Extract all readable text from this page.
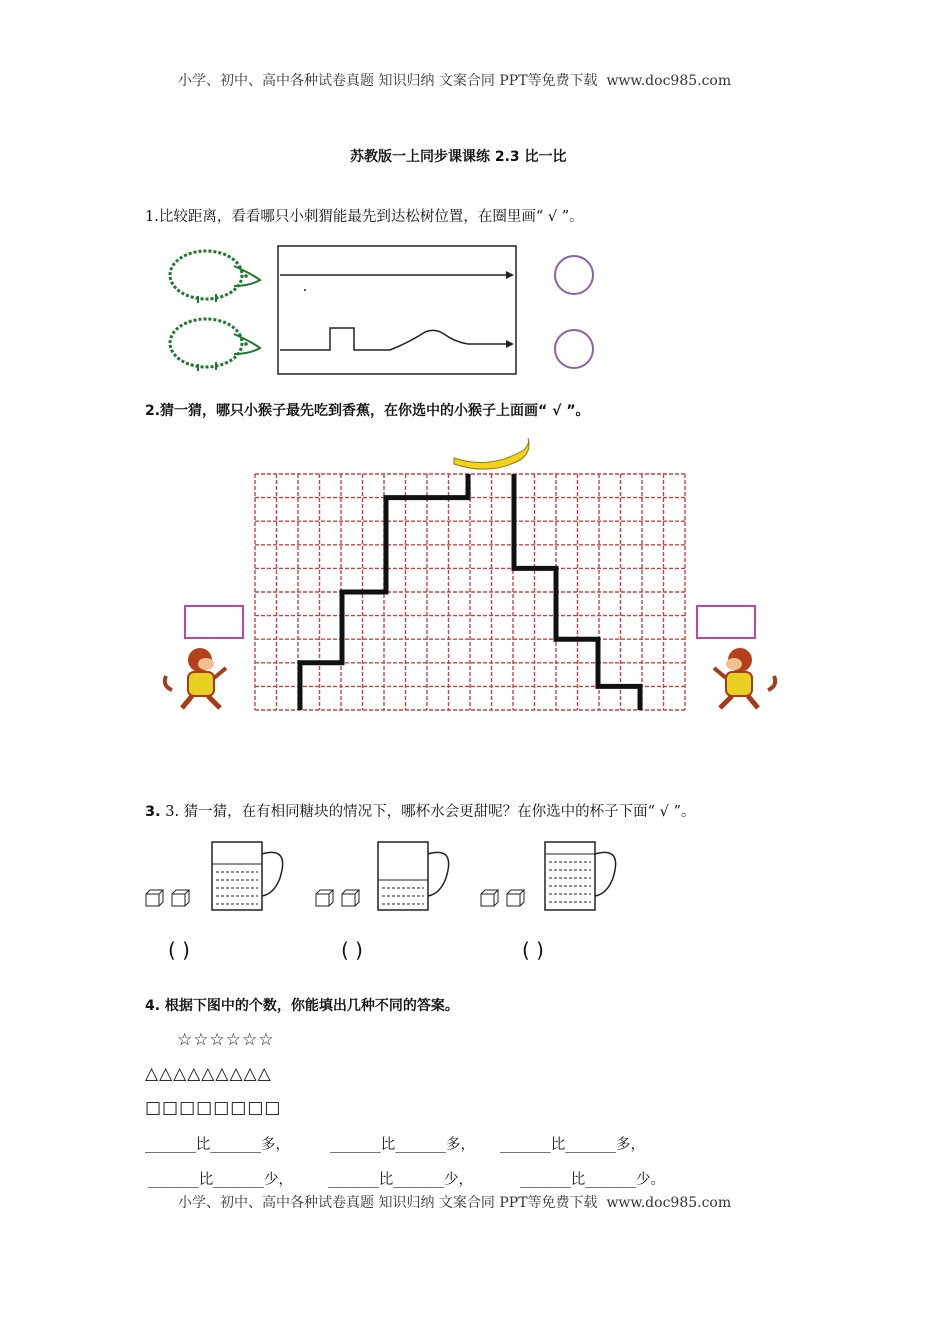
小学、初中、高中各种试卷真题 知识归纳 文案合同 PPT等免费下载 www.doc985.com
苏教版一上同步课课练 2.3 比一比
1.比较距离，看看哪只小刺猬能最先到达松树位置，在圈里画“ √ ”。
2.猜一猜，哪只小猴子最先吃到香蕉，在你选中的小猴子上面画“ √ ”。
3. 3. 猜一猜，在有相同糖块的情况下，哪杯水会更甜呢？在你选中的杯子下面“ √ ”。
( )	( )	( )
4. 根据下图中的个数，你能填出几种不同的答案。
☆☆☆☆☆☆
△△△△△△△△△
□□□□□□□□
_______比_______多，	_______比_______多， _______比_______多，
_______比_______少， _______比_______少，	_______比_______少。
小学、初中、高中各种试卷真题 知识归纳 文案合同 PPT等免费下载 www.doc985.com
